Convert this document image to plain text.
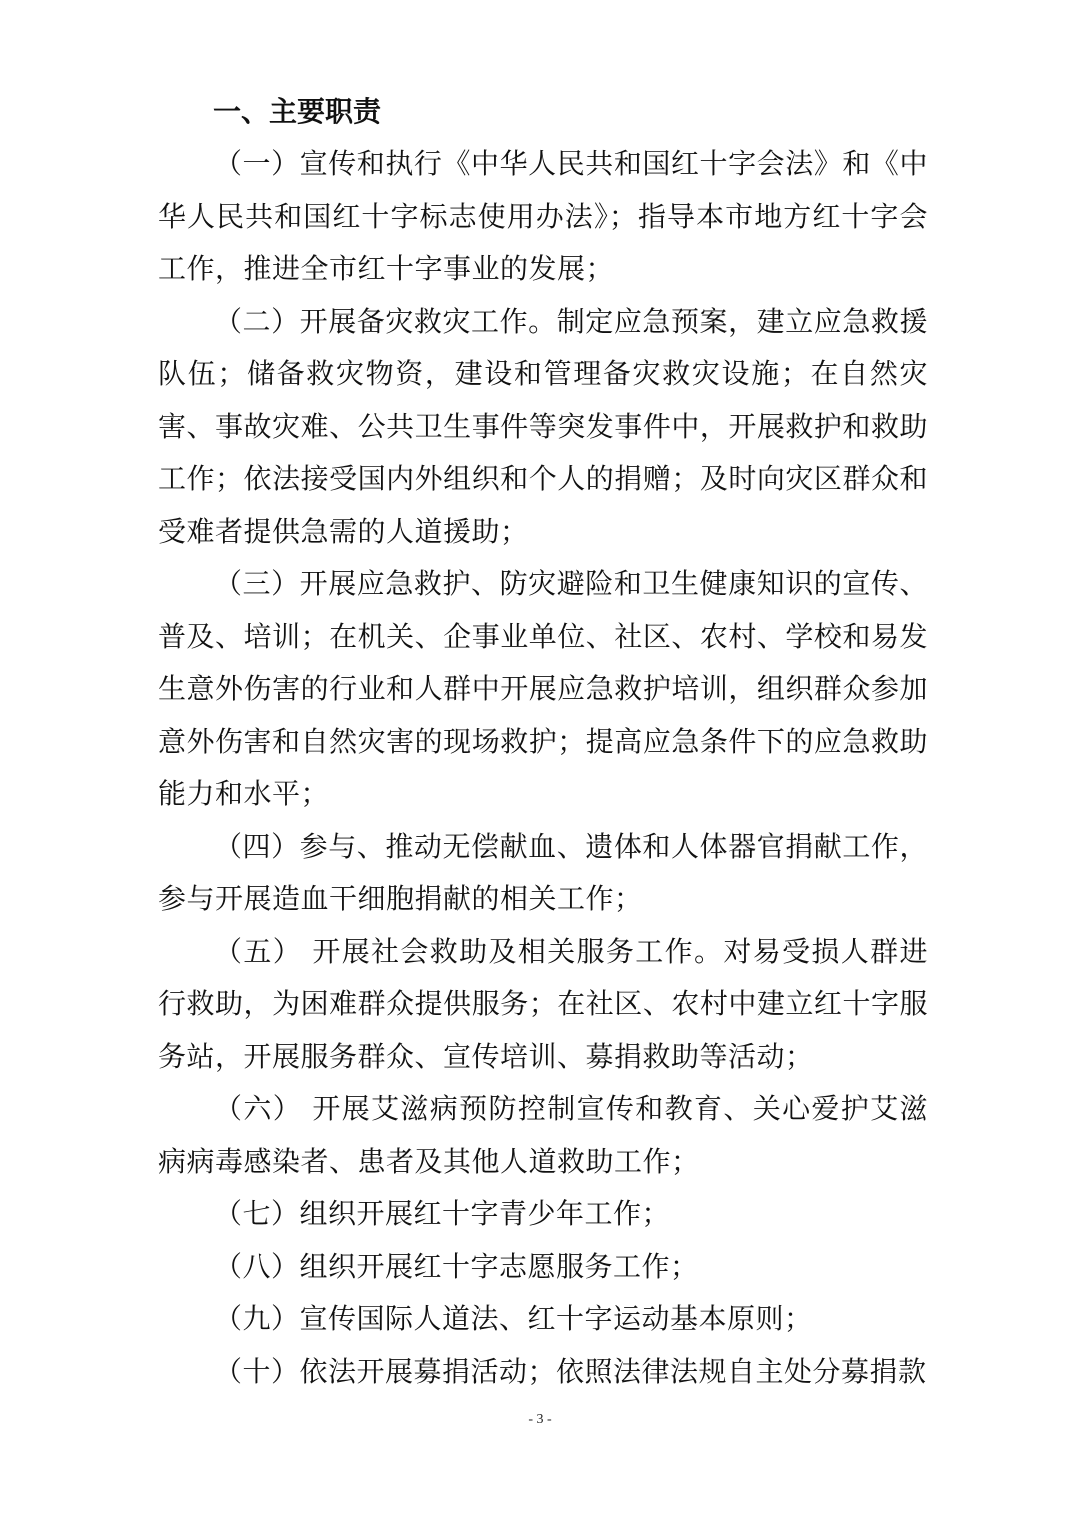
一、主要职责

（一）宣传和执行《中华人民共和国红十字会法》和《中华人民共和国红十字标志使用办法》；指导本市地方红十字会工作，推进全市红十字事业的发展；

（二）开展备灾救灾工作。制定应急预案，建立应急救援队伍；储备救灾物资，建设和管理备灾救灾设施；在自然灾害、事故灾难、公共卫生事件等突发事件中，开展救护和救助工作；依法接受国内外组织和个人的捐赠；及时向灾区群众和受难者提供急需的人道援助；

（三）开展应急救护、防灾避险和卫生健康知识的宣传、普及、培训；在机关、企事业单位、社区、农村、学校和易发生意外伤害的行业和人群中开展应急救护培训，组织群众参加意外伤害和自然灾害的现场救护；提高应急条件下的应急救助能力和水平；

（四）参与、推动无偿献血、遗体和人体器官捐献工作，参与开展造血干细胞捐献的相关工作；

（五） 开展社会救助及相关服务工作。对易受损人群进行救助，为困难群众提供服务；在社区、农村中建立红十字服务站，开展服务群众、宣传培训、募捐救助等活动；

（六） 开展艾滋病预防控制宣传和教育、关心爱护艾滋病病毒感染者、患者及其他人道救助工作；

（七）组织开展红十字青少年工作；

（八）组织开展红十字志愿服务工作；

（九）宣传国际人道法、红十字运动基本原则；

（十）依法开展募捐活动；依照法律法规自主处分募捐款

- 3 -
